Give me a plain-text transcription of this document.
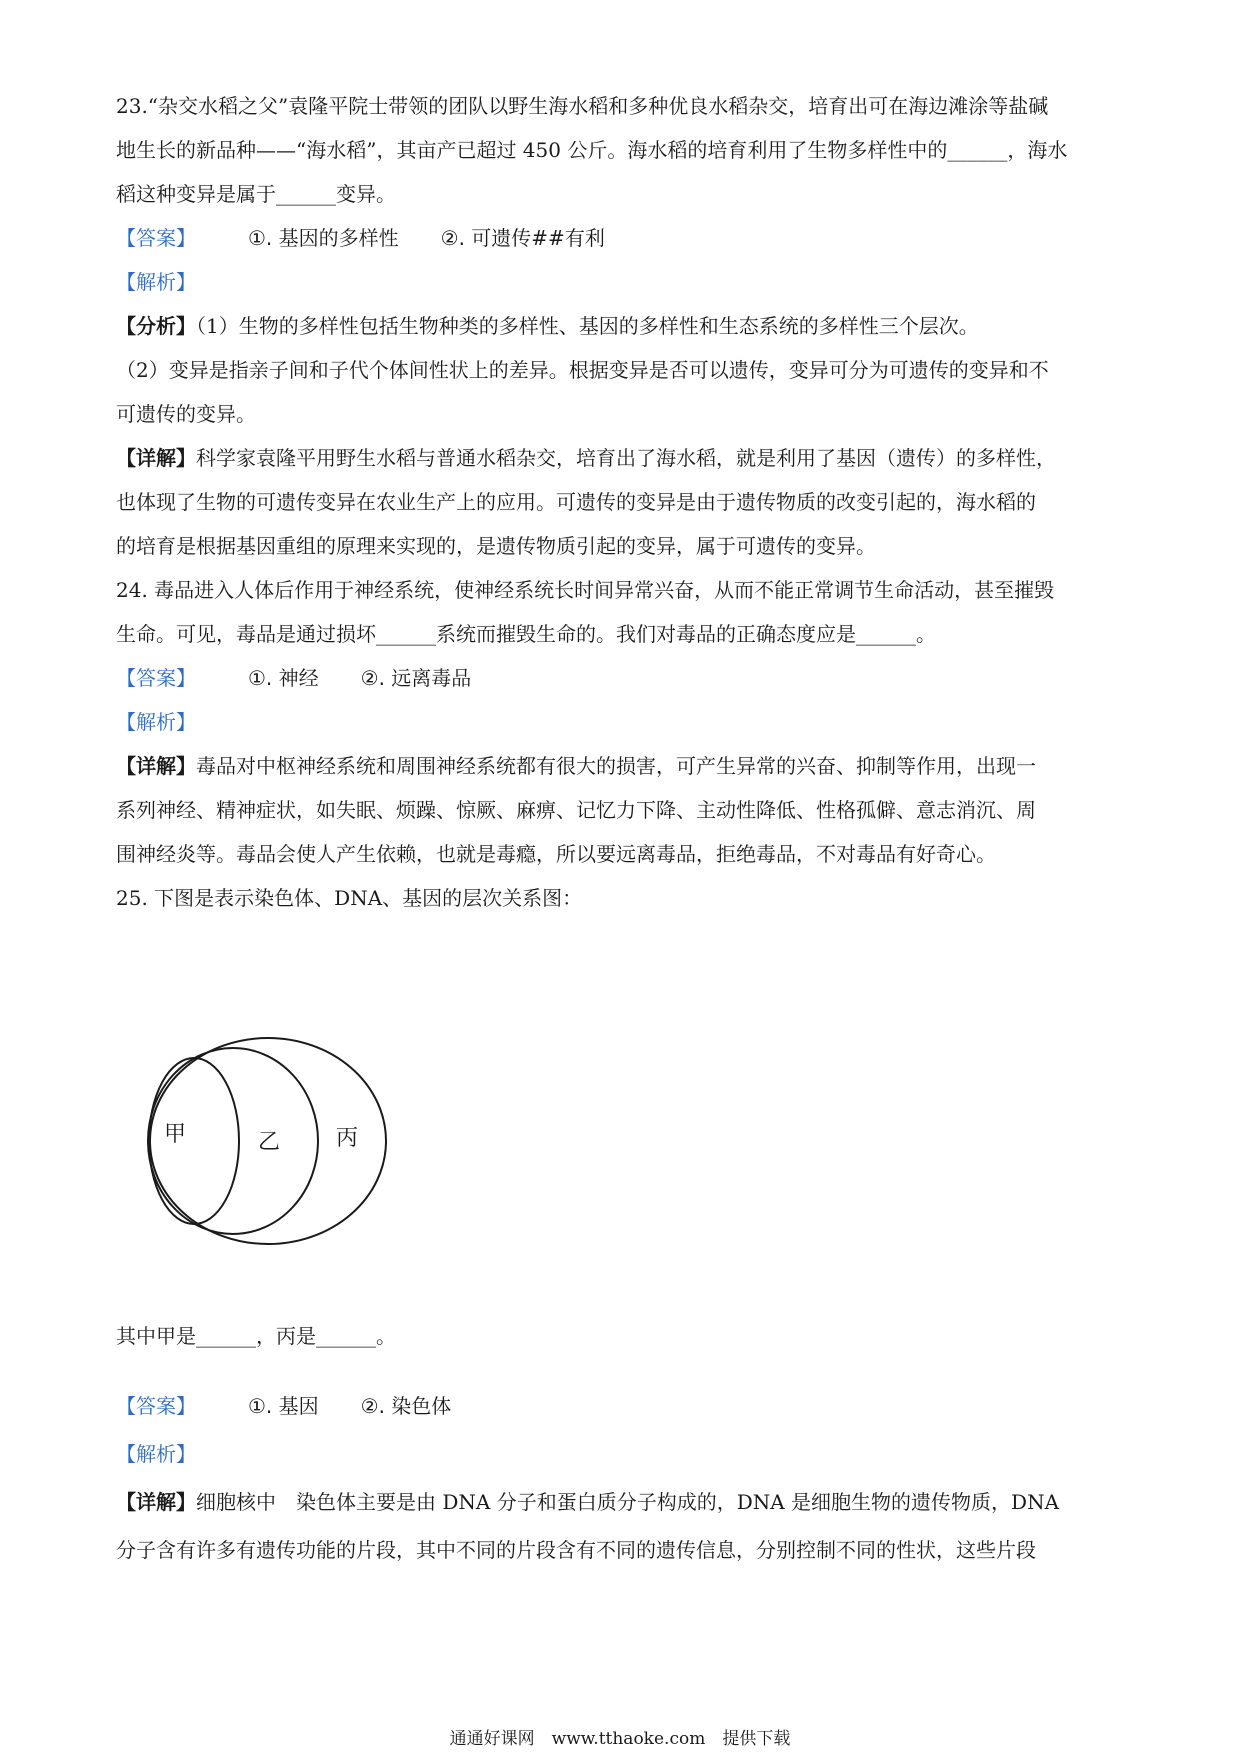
23.“杂交水稻之父”袁隆平院士带领的团队以野生海水稻和多种优良水稻杂交，培育出可在海边滩涂等盐碱
地生长的新品种——“海水稻”，其亩产已超过 450 公斤。海水稻的培育利用了生物多样性中的______，海水
稻这种变异是属于______变异。
【答案】	①. 基因的多样性 ②. 可遗传##有利
【解析】
【分析】（1）生物的多样性包括生物种类的多样性、基因的多样性和生态系统的多样性三个层次。
（2）变异是指亲子间和子代个体间性状上的差异。根据变异是否可以遗传，变异可分为可遗传的变异和不
可遗传的变异。
【详解】科学家袁隆平用野生水稻与普通水稻杂交，培育出了海水稻，就是利用了基因（遗传）的多样性，
也体现了生物的可遗传变异在农业生产上的应用。可遗传的变异是由于遗传物质的改变引起的，海水稻的
的培育是根据基因重组的原理来实现的，是遗传物质引起的变异，属于可遗传的变异。
24. 毒品进入人体后作用于神经系统，使神经系统长时间异常兴奋，从而不能正常调节生命活动，甚至摧毁
生命。可见，毒品是通过损坏______系统而摧毁生命的。我们对毒品的正确态度应是______。
【答案】	①. 神经 ②. 远离毒品
【解析】
【详解】毒品对中枢神经系统和周围神经系统都有很大的损害，可产生异常的兴奋、抑制等作用，出现一
系列神经、精神症状，如失眠、烦躁、惊厥、麻痹、记忆力下降、主动性降低、性格孤僻、意志消沉、周
围神经炎等。毒品会使人产生依赖，也就是毒瘾，所以要远离毒品，拒绝毒品，不对毒品有好奇心。
25. 下图是表示染色体、DNA、基因的层次关系图：
甲	乙	丙
其中甲是______，丙是______。
【答案】	①. 基因 ②. 染色体
【解析】
【详解】细胞核中　染色体主要是由 DNA 分子和蛋白质分子构成的，DNA 是细胞生物的遗传物质，DNA
分子含有许多有遗传功能的片段，其中不同的片段含有不同的遗传信息，分别控制不同的性状，这些片段
通通好课网　www.tthaoke.com　提供下载
